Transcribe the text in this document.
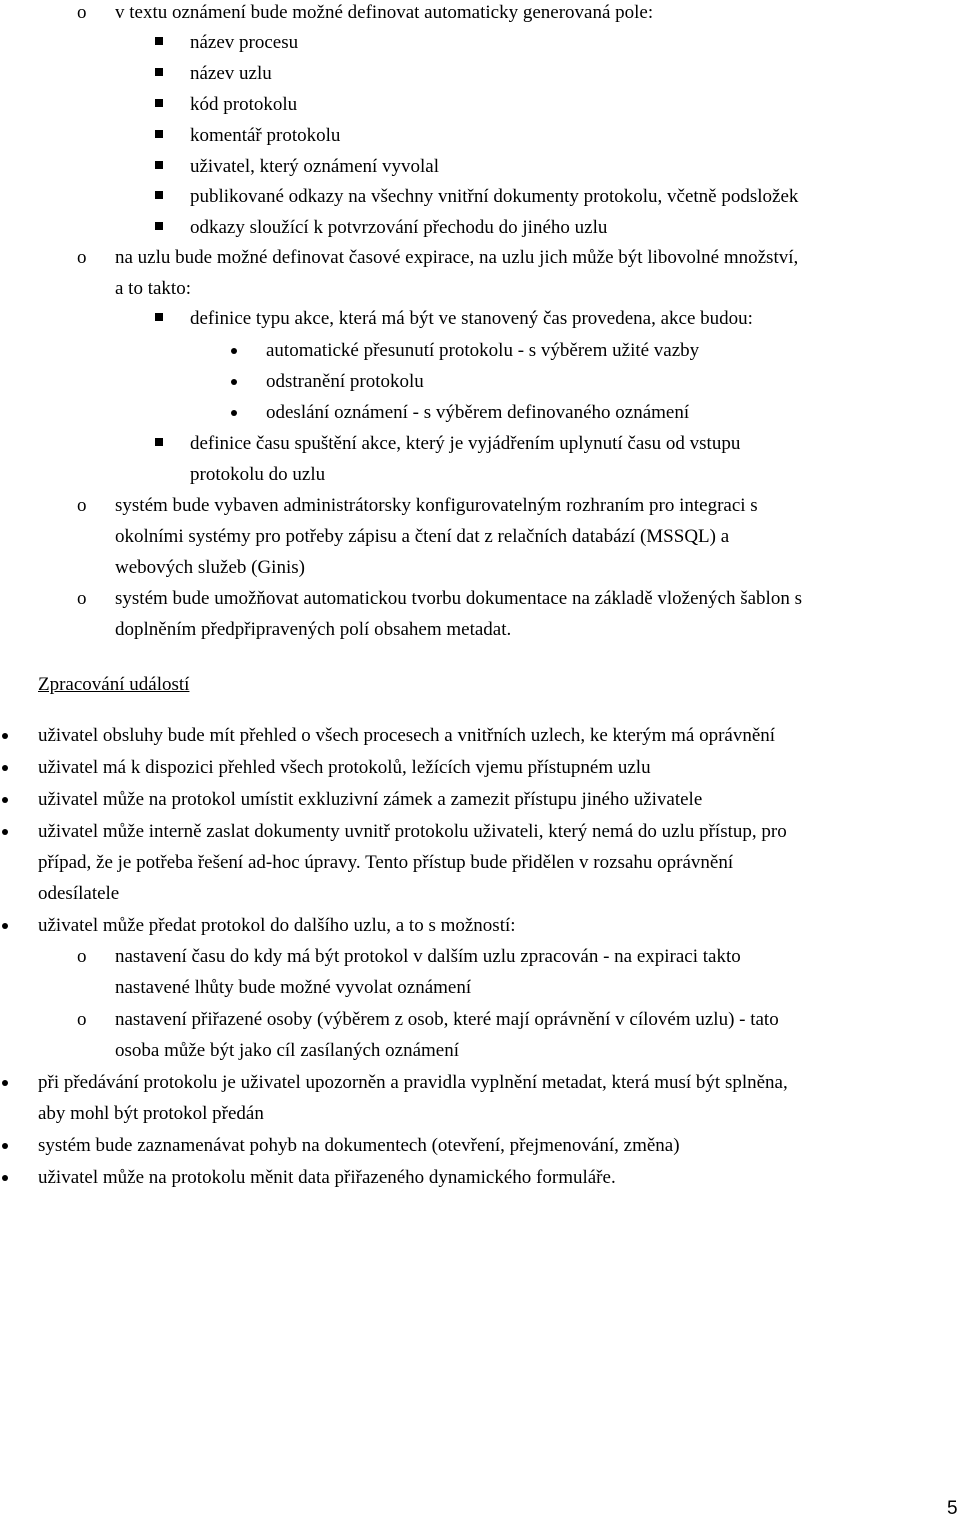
o v textu oznámení bude možné definovat automaticky generovaná pole:
název procesu
název uzlu
kód protokolu
komentář protokolu
uživatel, který oznámení vyvolal
publikované odkazy na všechny vnitřní dokumenty protokolu, včetně podsložek
odkazy sloužící k potvrzování přechodu do jiného uzlu
o na uzlu bude možné definovat časové expirace, na uzlu jich může být libovolné množství,
a to takto:
definice typu akce, která má být ve stanovený čas provedena, akce budou:
automatické přesunutí protokolu - s výběrem užité vazby
odstranění protokolu
odeslání oznámení - s výběrem definovaného oznámení
definice času spuštění akce, který je vyjádřením uplynutí času od vstupu
protokolu do uzlu
o systém bude vybaven administrátorsky konfigurovatelným rozhraním pro integraci s
okolními systémy pro potřeby zápisu a čtení dat z relačních databází (MSSQL) a
webových služeb (Ginis)
o systém bude umožňovat automatickou tvorbu dokumentace na základě vložených šablon s
doplněním předpřipravených polí obsahem metadat.
Zpracování událostí
uživatel obsluhy bude mít přehled o všech procesech a vnitřních uzlech, ke kterým má oprávnění
uživatel má k dispozici přehled všech protokolů, ležících vjemu přístupném uzlu
uživatel může na protokol umístit exkluzivní zámek a zamezit přístupu jiného uživatele
uživatel může interně zaslat dokumenty uvnitř protokolu uživateli, který nemá do uzlu přístup, pro
případ, že je potřeba řešení ad-hoc úpravy. Tento přístup bude přidělen v rozsahu oprávnění
odesílatele
uživatel může předat protokol do dalšího uzlu, a to s možností:
o nastavení času do kdy má být protokol v dalším uzlu zpracován - na expiraci takto
nastavené lhůty bude možné vyvolat oznámení
o nastavení přiřazené osoby (výběrem z osob, které mají oprávnění v cílovém uzlu) - tato
osoba může být jako cíl zasílaných oznámení
při předávání protokolu je uživatel upozorněn a pravidla vyplnění metadat, která musí být splněna,
aby mohl být protokol předán
systém bude zaznamenávat pohyb na dokumentech (otevření, přejmenování, změna)
uživatel může na protokolu měnit data přiřazeného dynamického formuláře.
5
